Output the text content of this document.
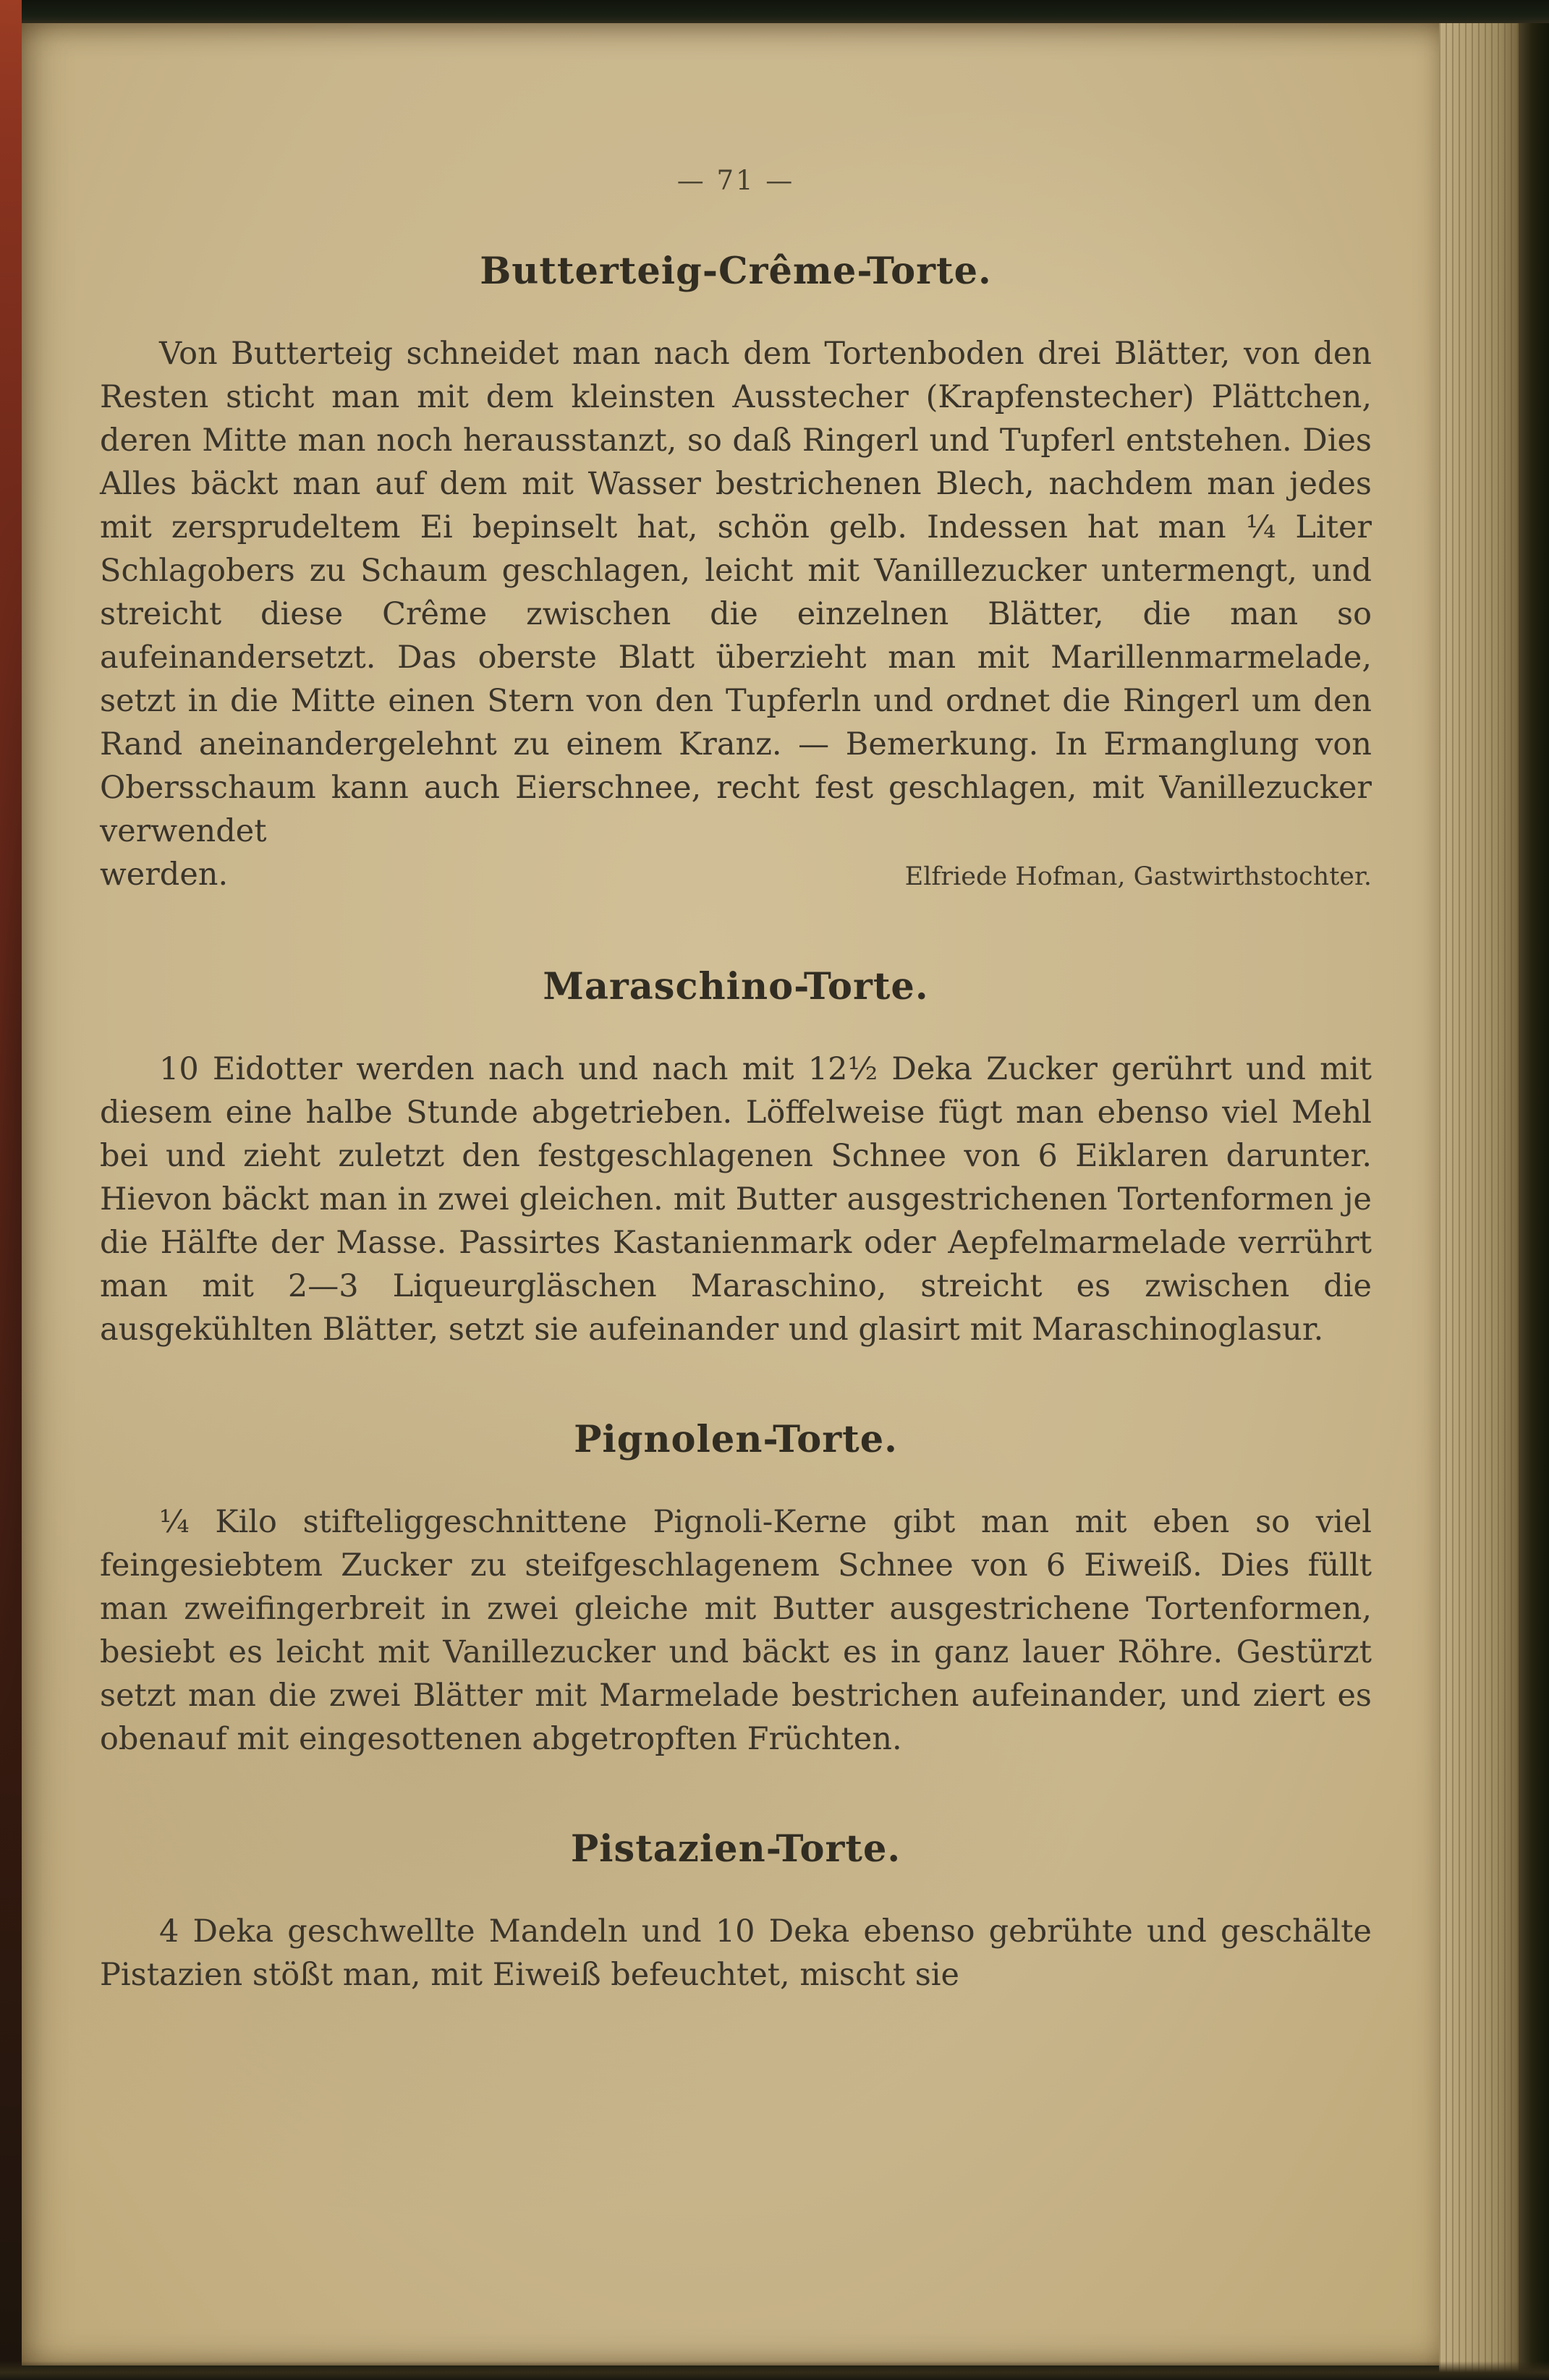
— 71 —
Butterteig-Crême-Torte.

Von Butterteig schneidet man nach dem Tortenboden drei Blätter, von den Resten sticht man mit dem kleinsten Ausstecher (Krapfenstecher) Plättchen, deren Mitte man noch herausstanzt, so daß Ringerl und Tupferl entstehen. Dies Alles bäckt man auf dem mit Wasser bestrichenen Blech, nachdem man jedes mit zersprudeltem Ei bepinselt hat, schön gelb. Indessen hat man ¼ Liter Schlagobers zu Schaum geschlagen, leicht mit Vanillezucker untermengt, und streicht diese Crême zwischen die einzelnen Blätter, die man so aufeinandersetzt. Das oberste Blatt überzieht man mit Marillenmarmelade, setzt in die Mitte einen Stern von den Tupferln und ordnet die Ringerl um den Rand aneinandergelehnt zu einem Kranz. — Bemerkung. In Ermanglung von Obersschaum kann auch Eierschnee, recht fest geschlagen, mit Vanillezucker verwendet

werden.	Elfriede Hofman, Gastwirthstochter.
Maraschino-Torte.

10 Eidotter werden nach und nach mit 12½ Deka Zucker gerührt und mit diesem eine halbe Stunde abgetrieben. Löffelweise fügt man ebenso viel Mehl bei und zieht zuletzt den festgeschlagenen Schnee von 6 Eiklaren darunter. Hievon bäckt man in zwei gleichen. mit Butter ausgestrichenen Tortenformen je die Hälfte der Masse. Passirtes Kastanienmark oder Aepfelmarmelade verrührt man mit 2—3 Liqueurgläschen Maraschino, streicht es zwischen die ausgekühlten Blätter, setzt sie aufeinander und glasirt mit Maraschinoglasur.

Pignolen-Torte.

¼ Kilo stifteliggeschnittene Pignoli-Kerne gibt man mit eben so viel feingesiebtem Zucker zu steifgeschlagenem Schnee von 6 Eiweiß. Dies füllt man zweifingerbreit in zwei gleiche mit Butter ausgestrichene Tortenformen, besiebt es leicht mit Vanillezucker und bäckt es in ganz lauer Röhre. Gestürzt setzt man die zwei Blätter mit Marmelade bestrichen aufeinander, und ziert es obenauf mit eingesottenen abgetropften Früchten.

Pistazien-Torte.

4 Deka geschwellte Mandeln und 10 Deka ebenso gebrühte und geschälte Pistazien stößt man, mit Eiweiß befeuchtet, mischt sie
